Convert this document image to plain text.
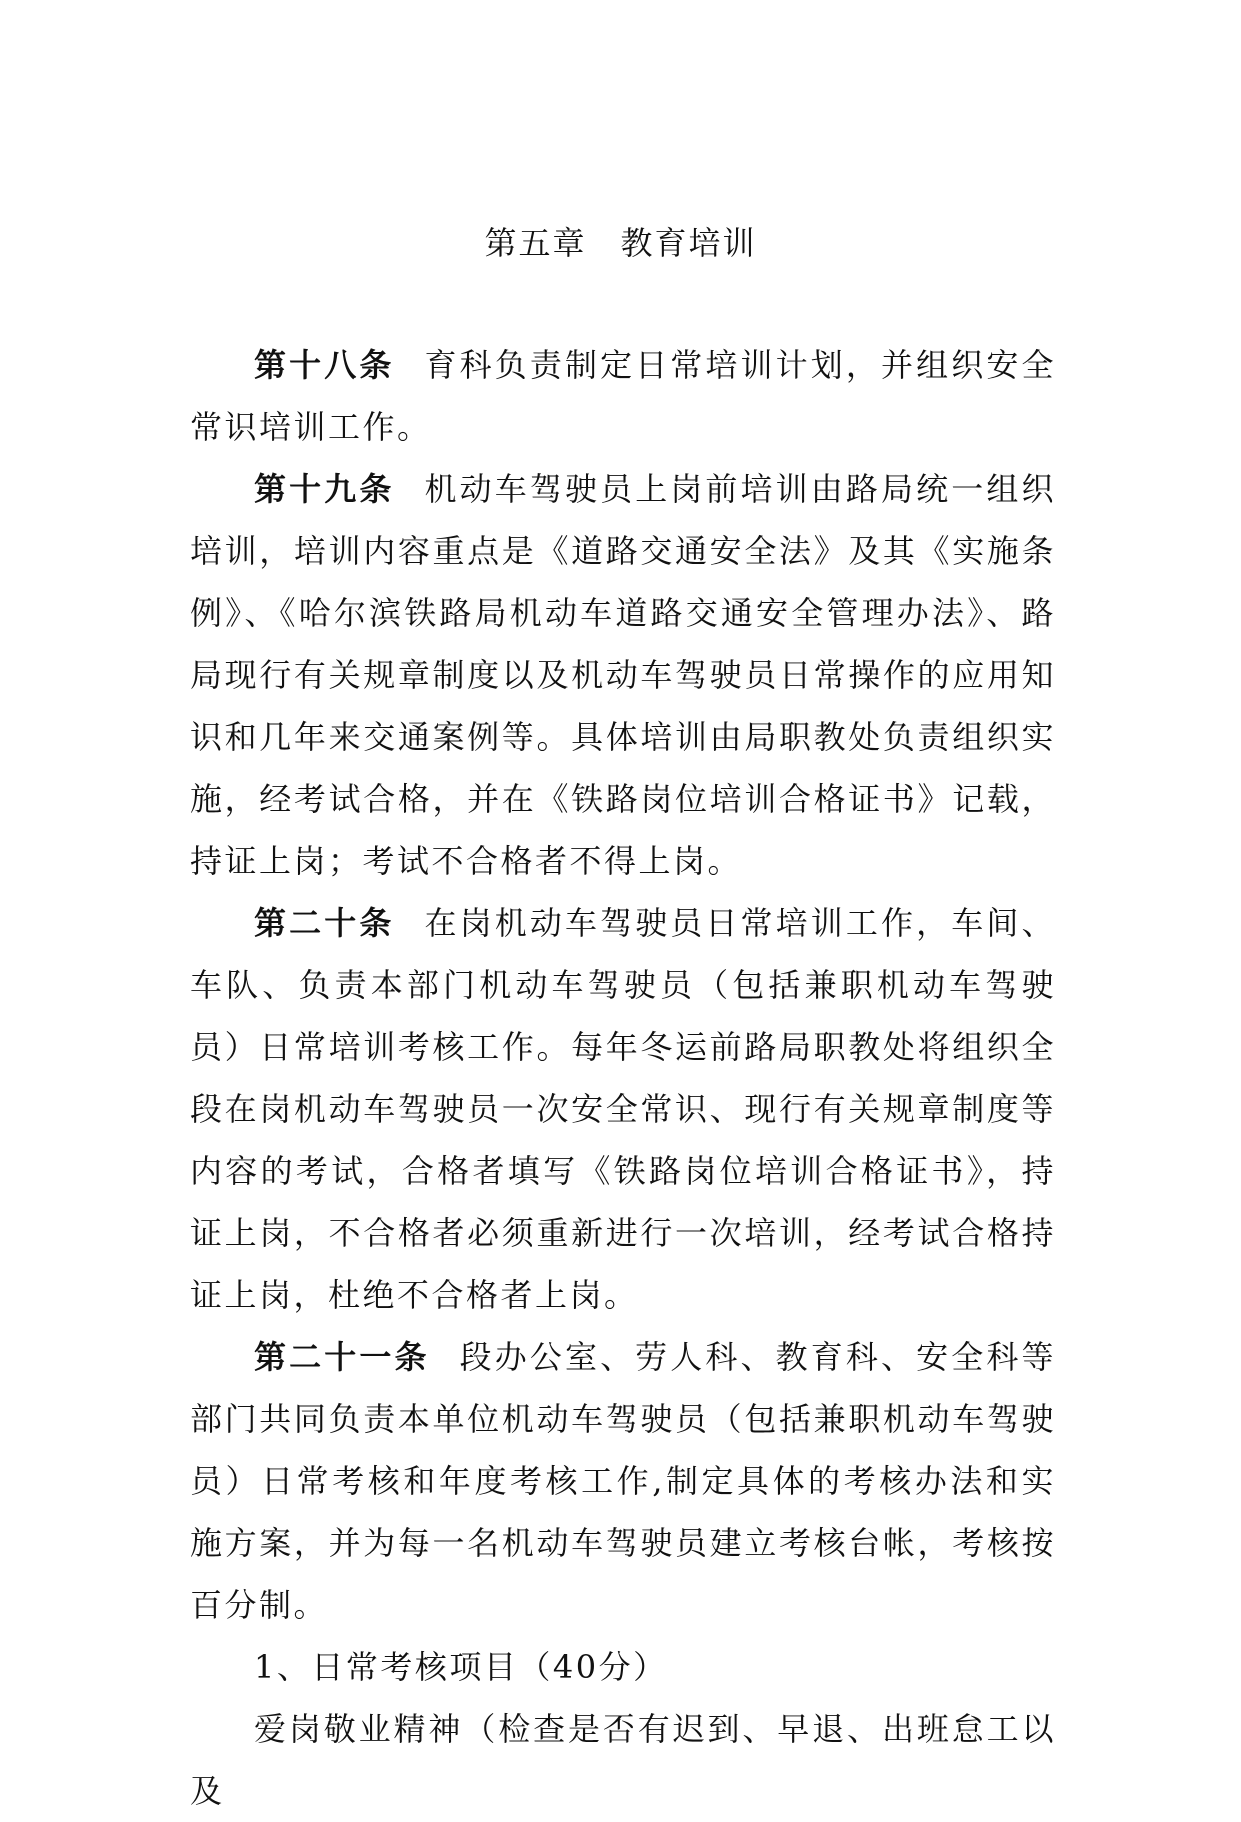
第五章　教育培训

第十八条 育科负责制定日常培训计划，并组织安全常识培训工作。

第十九条 机动车驾驶员上岗前培训由路局统一组织培训，培训内容重点是《道路交通安全法》及其《实施条例》、《哈尔滨铁路局机动车道路交通安全管理办法》、路局现行有关规章制度以及机动车驾驶员日常操作的应用知识和几年来交通案例等。具体培训由局职教处负责组织实施，经考试合格，并在《铁路岗位培训合格证书》记载，持证上岗；考试不合格者不得上岗。

第二十条 在岗机动车驾驶员日常培训工作，车间、车队、负责本部门机动车驾驶员（包括兼职机动车驾驶员）日常培训考核工作。每年冬运前路局职教处将组织全段在岗机动车驾驶员一次安全常识、现行有关规章制度等内容的考试，合格者填写《铁路岗位培训合格证书》，持证上岗，不合格者必须重新进行一次培训，经考试合格持证上岗，杜绝不合格者上岗。

第二十一条 段办公室、劳人科、教育科、安全科等部门共同负责本单位机动车驾驶员（包括兼职机动车驾驶员）日常考核和年度考核工作,制定具体的考核办法和实施方案，并为每一名机动车驾驶员建立考核台帐，考核按百分制。

1、日常考核项目（40分）

爱岗敬业精神（检查是否有迟到、早退、出班怠工以及
